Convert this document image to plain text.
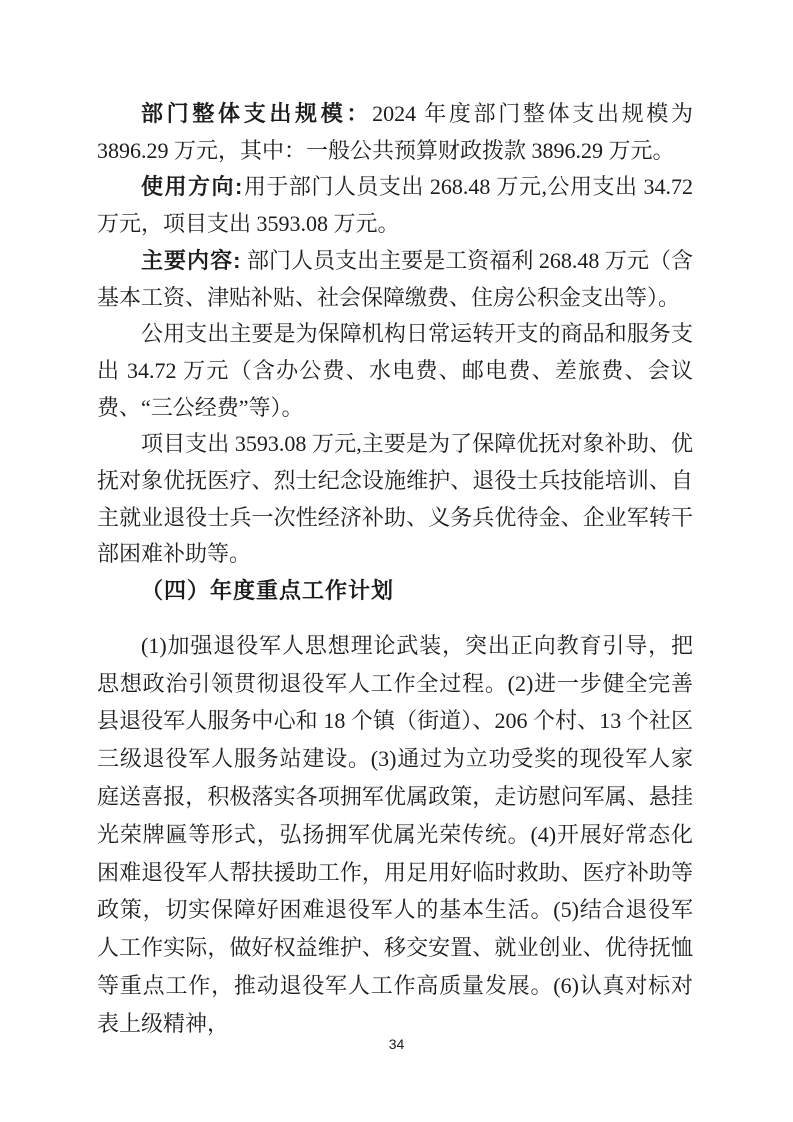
部门整体支出规模：2024 年度部门整体支出规模为 3896.29 万元，其中：一般公共预算财政拨款 3896.29 万元。

使用方向:用于部门人员支出 268.48 万元,公用支出 34.72 万元，项目支出 3593.08 万元。

主要内容: 部门人员支出主要是工资福利 268.48 万元（含基本工资、津贴补贴、社会保障缴费、住房公积金支出等）。

公用支出主要是为保障机构日常运转开支的商品和服务支出 34.72 万元（含办公费、水电费、邮电费、差旅费、会议费、“三公经费”等）。

项目支出 3593.08 万元,主要是为了保障优抚对象补助、优抚对象优抚医疗、烈士纪念设施维护、退役士兵技能培训、自主就业退役士兵一次性经济补助、义务兵优待金、企业军转干部困难补助等。

（四）年度重点工作计划

(1)加强退役军人思想理论武装，突出正向教育引导，把思想政治引领贯彻退役军人工作全过程。(2)进一步健全完善县退役军人服务中心和 18 个镇（街道）、206 个村、13 个社区三级退役军人服务站建设。(3)通过为立功受奖的现役军人家庭送喜报，积极落实各项拥军优属政策，走访慰问军属、悬挂光荣牌匾等形式，弘扬拥军优属光荣传统。(4)开展好常态化困难退役军人帮扶援助工作，用足用好临时救助、医疗补助等政策，切实保障好困难退役军人的基本生活。(5)结合退役军人工作实际，做好权益维护、移交安置、就业创业、优待抚恤等重点工作，推动退役军人工作高质量发展。(6)认真对标对表上级精神，

34
